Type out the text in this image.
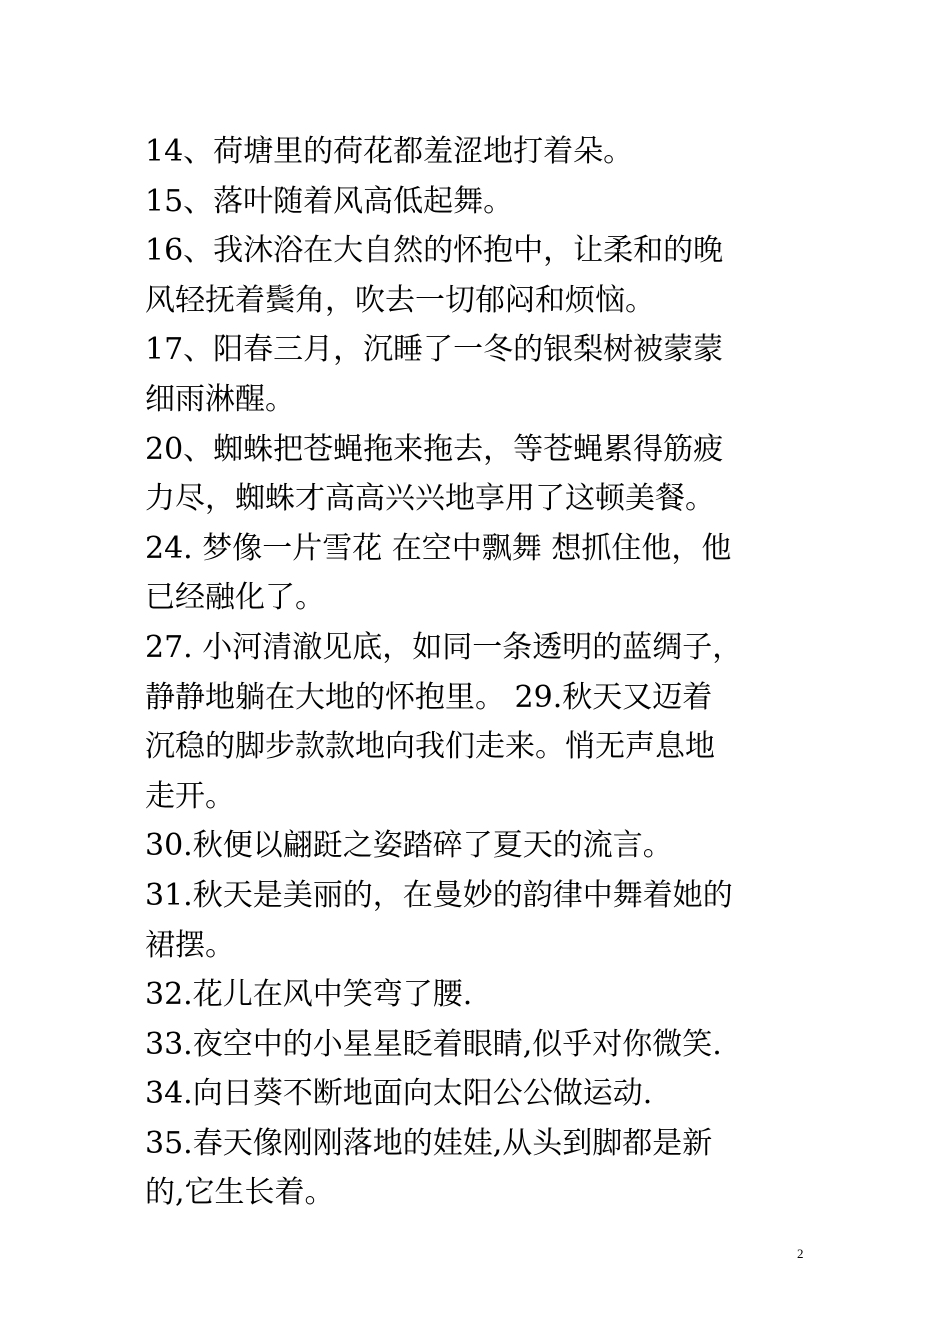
14、荷塘里的荷花都羞涩地打着朵。
15、落叶随着风高低起舞。
16、我沐浴在大自然的怀抱中，让柔和的晚
风轻抚着鬓角，吹去一切郁闷和烦恼。
17、阳春三月，沉睡了一冬的银梨树被蒙蒙
细雨淋醒。
20、蜘蛛把苍蝇拖来拖去，等苍蝇累得筋疲
力尽，蜘蛛才高高兴兴地享用了这顿美餐。
24. 梦像一片雪花 在空中飘舞 想抓住他，他
已经融化了。
27. 小河清澈见底，如同一条透明的蓝绸子，
静静地躺在大地的怀抱里。 29.秋天又迈着
沉稳的脚步款款地向我们走来。悄无声息地
走开。
30.秋便以翩跹之姿踏碎了夏天的流言。
31.秋天是美丽的，在曼妙的韵律中舞着她的
裙摆。
32.花儿在风中笑弯了腰.
33.夜空中的小星星眨着眼睛,似乎对你微笑.
34.向日葵不断地面向太阳公公做运动.
35.春天像刚刚落地的娃娃,从头到脚都是新
的,它生长着。
2
